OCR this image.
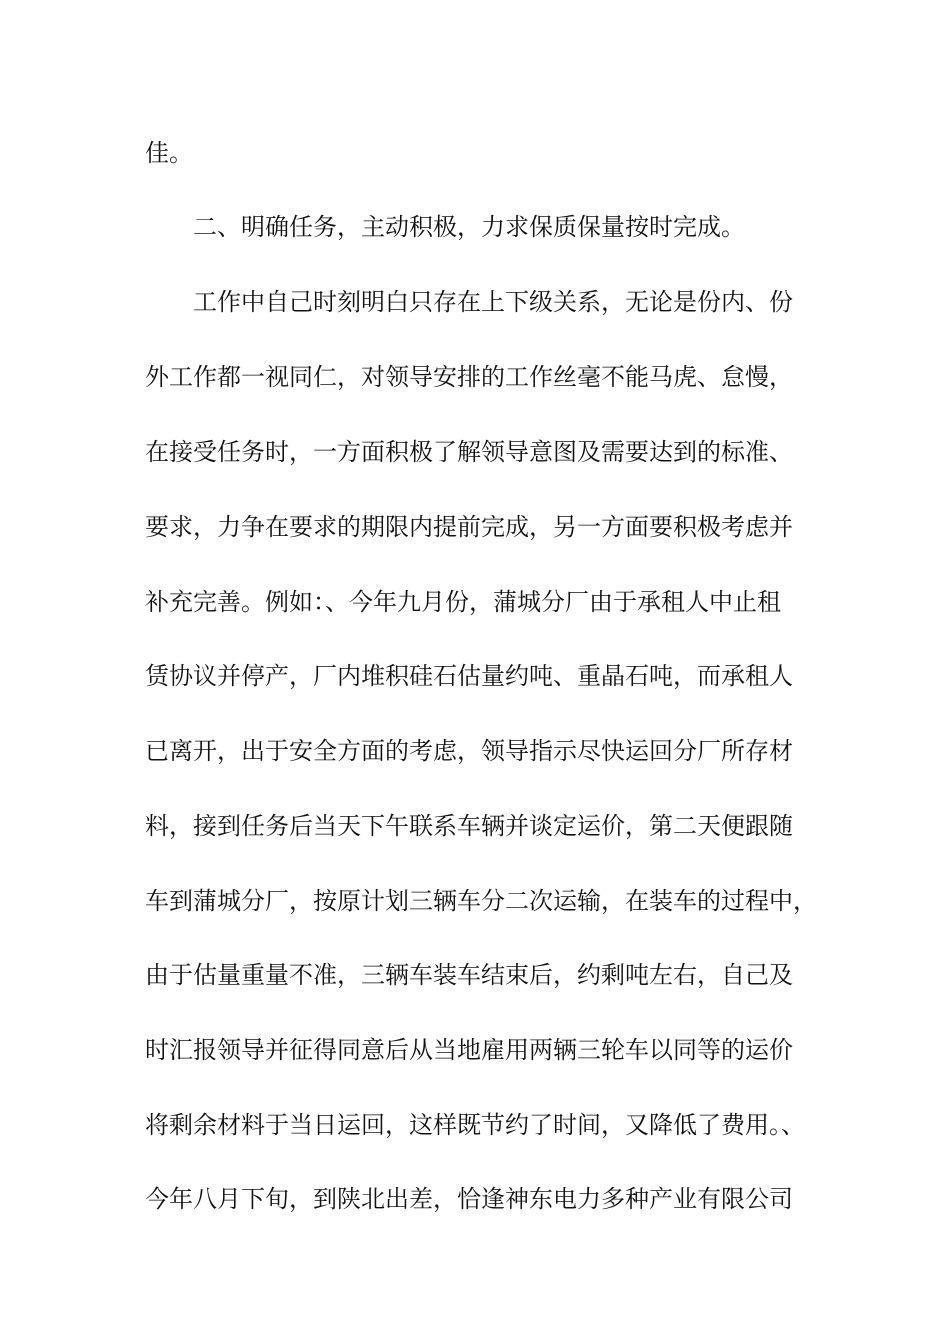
佳。
二、明确任务，主动积极，力求保质保量按时完成。
工作中自己时刻明白只存在上下级关系，无论是份内、份
外工作都一视同仁，对领导安排的工作丝毫不能马虎、怠慢，
在接受任务时，一方面积极了解领导意图及需要达到的标准、
要求，力争在要求的期限内提前完成，另一方面要积极考虑并
补充完善。例如：、今年九月份，蒲城分厂由于承租人中止租
赁协议并停产，厂内堆积硅石估量约吨、重晶石吨，而承租人
已离开，出于安全方面的考虑，领导指示尽快运回分厂所存材
料，接到任务后当天下午联系车辆并谈定运价，第二天便跟随
车到蒲城分厂，按原计划三辆车分二次运输，在装车的过程中，
由于估量重量不准，三辆车装车结束后，约剩吨左右，自己及
时汇报领导并征得同意后从当地雇用两辆三轮车以同等的运价
将剩余材料于当日运回，这样既节约了时间，又降低了费用。、
今年八月下旬，到陕北出差，恰逢神东电力多种产业有限公司
